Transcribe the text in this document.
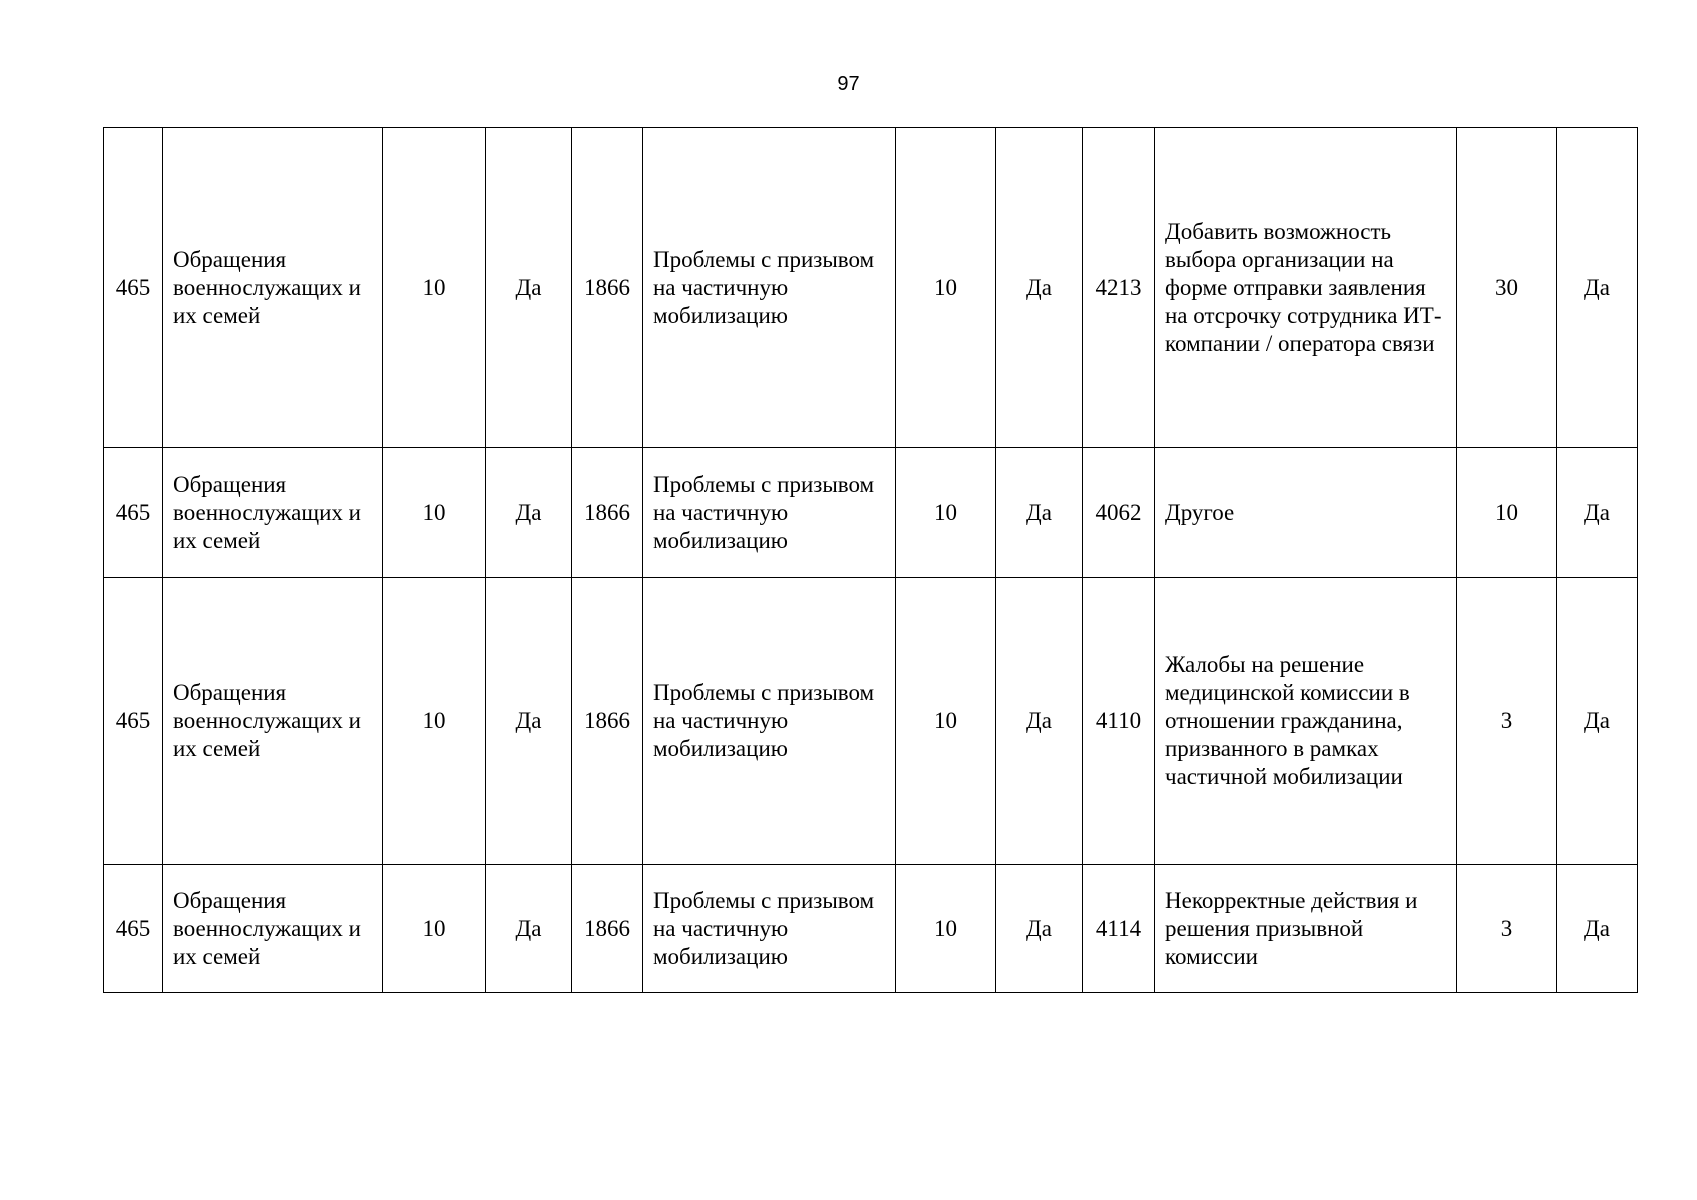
97
465	Обращения военнослужащих и их семей	10	Да	1866	Проблемы с призывом на частичную мобилизацию	10	Да	4213	Добавить возможность выбора организации на форме отправки заявления на отсрочку сотрудника ИТ-компании / оператора связи	30	Да
465	Обращения военнослужащих и их семей	10	Да	1866	Проблемы с призывом на частичную мобилизацию	10	Да	4062	Другое	10	Да
465	Обращения военнослужащих и их семей	10	Да	1866	Проблемы с призывом на частичную мобилизацию	10	Да	4110	Жалобы на решение медицинской комиссии в отношении гражданина, призванного в рамках частичной мобилизации	3	Да
465	Обращения военнослужащих и их семей	10	Да	1866	Проблемы с призывом на частичную мобилизацию	10	Да	4114	Некорректные действия и решения призывной комиссии	3	Да
